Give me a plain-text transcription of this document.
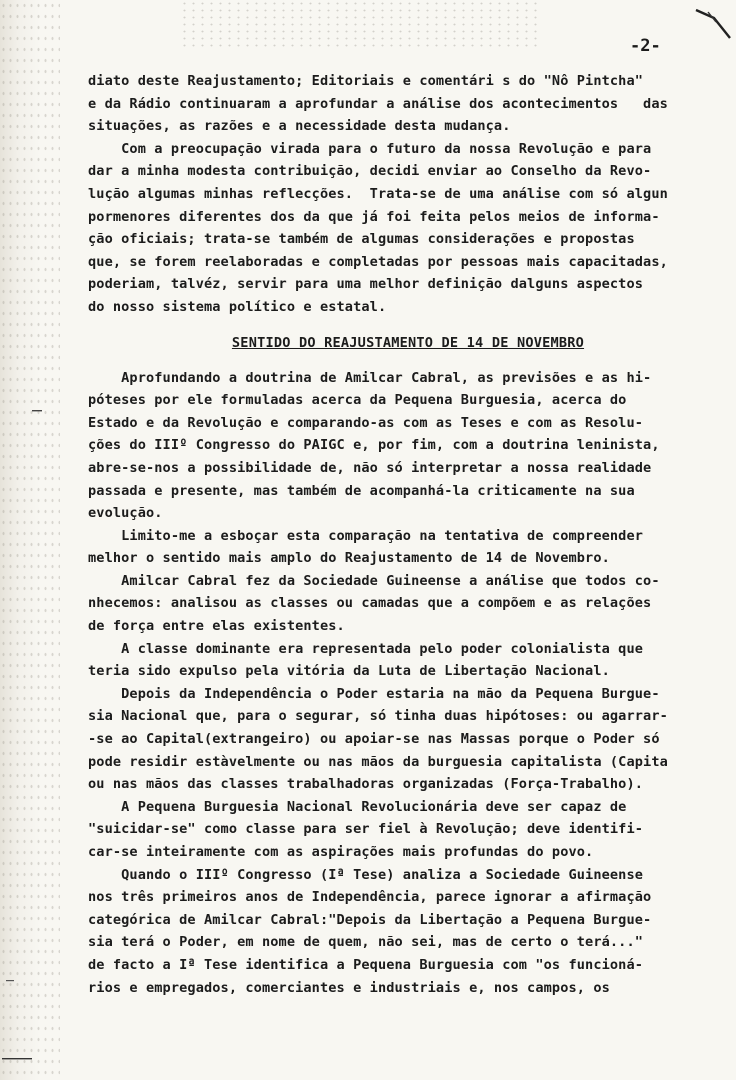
-2-
diato deste Reajustamento; Editoriais e comentári s do "Nô Pintcha"
e da Rádio continuaram a aprofundar a análise dos acontecimentos   das
situações, as razões e a necessidade desta mudança.
Com a preocupação virada para o futuro da nossa Revolução e para
dar a minha modesta contribuição, decidi enviar ao Conselho da Revo-
lução algumas minhas reflecções.  Trata-se de uma análise com só algun
pormenores diferentes dos da que já foi feita pelos meios de informa-
ção oficiais; trata-se também de algumas considerações e propostas
que, se forem reelaboradas e completadas por pessoas mais capacitadas,
poderiam, talvéz, servir para uma melhor definição dalguns aspectos
do nosso sistema político e estatal.
SENTIDO DO REAJUSTAMENTO DE 14 DE NOVEMBRO
Aprofundando a doutrina de Amilcar Cabral, as previsões e as hi-
póteses por ele formuladas acerca da Pequena Burguesia, acerca do
Estado e da Revolução e comparando-as com as Teses e com as Resolu-
ções do IIIº Congresso do PAIGC e, por fim, com a doutrina leninista,
abre-se-nos a possibilidade de, não só interpretar a nossa realidade
passada e presente, mas também de acompanhá-la criticamente na sua
evolução.
Limito-me a esboçar esta comparação na tentativa de compreender
melhor o sentido mais amplo do Reajustamento de 14 de Novembro.
Amilcar Cabral fez da Sociedade Guineense a análise que todos co-
nhecemos: analisou as classes ou camadas que a compõem e as relações
de força entre elas existentes.
A classe dominante era representada pelo poder colonialista que
teria sido expulso pela vitória da Luta de Libertação Nacional.
Depois da Independência o Poder estaria na mão da Pequena Burgue-
sia Nacional que, para o segurar, só tinha duas hipótoses: ou agarrar-
-se ao Capital(extrangeiro) ou apoiar-se nas Massas porque o Poder só
pode residir estàvelmente ou nas mãos da burguesia capitalista (Capita
ou nas mãos das classes trabalhadoras organizadas (Força-Trabalho).
A Pequena Burguesia Nacional Revolucionária deve ser capaz de
"suicidar-se" como classe para ser fiel à Revolução; deve identifi-
car-se inteiramente com as aspirações mais profundas do povo.
Quando o IIIº Congresso (Iª Tese) analiza a Sociedade Guineense
nos três primeiros anos de Independência, parece ignorar a afirmação
categórica de Amilcar Cabral:"Depois da Libertação a Pequena Burgue-
sia terá o Poder, em nome de quem, não sei, mas de certo o terá..."
de facto a Iª Tese identifica a Pequena Burguesia com "os funcioná-
rios e empregados, comerciantes e industriais e, nos campos, os
